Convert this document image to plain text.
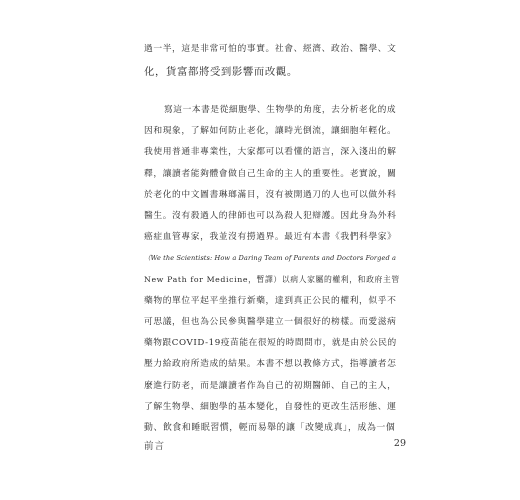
過一半，這是非常可怕的事實。社會、經濟、政治、醫學、文
化，貨富都將受到影響而改觀。
寫這一本書是從細胞學、生物學的角度，去分析老化的成
因和現象，了解如何防止老化，讓時光倒流，讓細胞年輕化。
我使用普通非專業性，大家都可以看懂的語言，深入淺出的解
釋，讓讀者能夠體會做自己生命的主人的重要性。老實說，關
於老化的中文圖書琳瑯滿目，沒有被開過刀的人也可以做外科
醫生。沒有殺過人的律師也可以為殺人犯辯護。因此身為外科
癌症血管專家，我並沒有撈過界。最近有本書《我們科學家》
（We the Scientists: How a Daring Team of Parents and Doctors Forged a
New Path for Medicine，暫譯）以病人家屬的權利，和政府主管
藥物的單位平起平坐推行新藥，達到真正公民的權利，似乎不
可思議，但也為公民參與醫學建立一個很好的榜樣。而愛滋病
藥物跟COVID-19疫苗能在很短的時間問市，就是由於公民的
壓力給政府所造成的結果。本書不想以教條方式，指導讀者怎
麼進行防老，而是讓讀者作為自己的初期醫師、自己的主人，
了解生物學、細胞學的基本變化，自發性的更改生活形態、運
動、飲食和睡眠習慣，輕而易舉的讓「改變成真」，成為一個
前言	29
